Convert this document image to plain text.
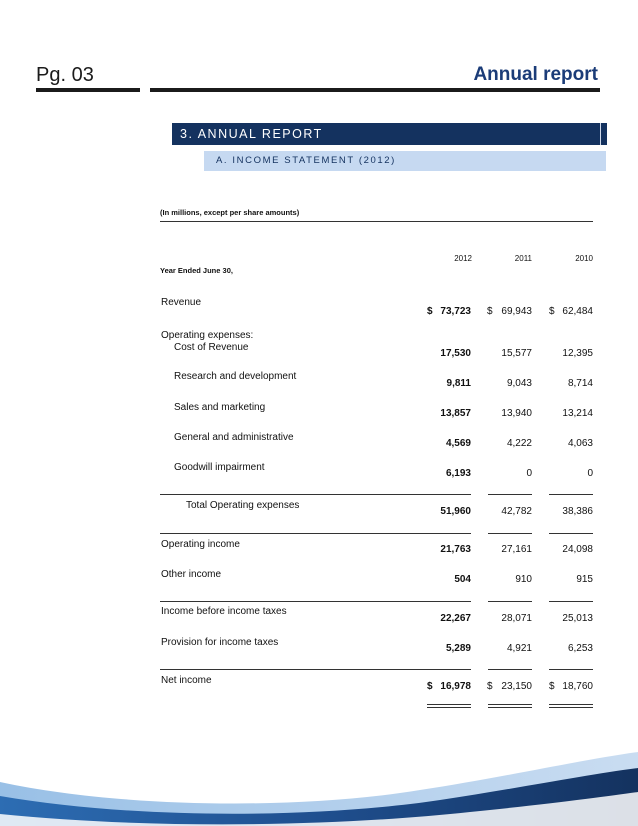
Pg. 03	Annual report
3. ANNUAL REPORT
A. INCOME STATEMENT (2012)
(In millions, except per share amounts)
2012	2011	2010
Year Ended June 30,
Revenue
$ 73,723 $ 69,943 $ 62,484
Operating expenses:
Cost of Revenue
17,530	15,577	12,395
Research and development
9,811	9,043	8,714
Sales and marketing
13,857	13,940	13,214
General and administrative
4,569	4,222	4,063
Goodwill impairment
6,193	0	0
Total Operating expenses
51,960	42,782	38,386
Operating income	21,763	27,161	24,098
Other income	504	910	915
Income before income taxes
22,267	28,071	25,013
Provision for income taxes
5,289	4,921	6,253
Net income
$ 16,978 $ 23,150 $ 18,760
